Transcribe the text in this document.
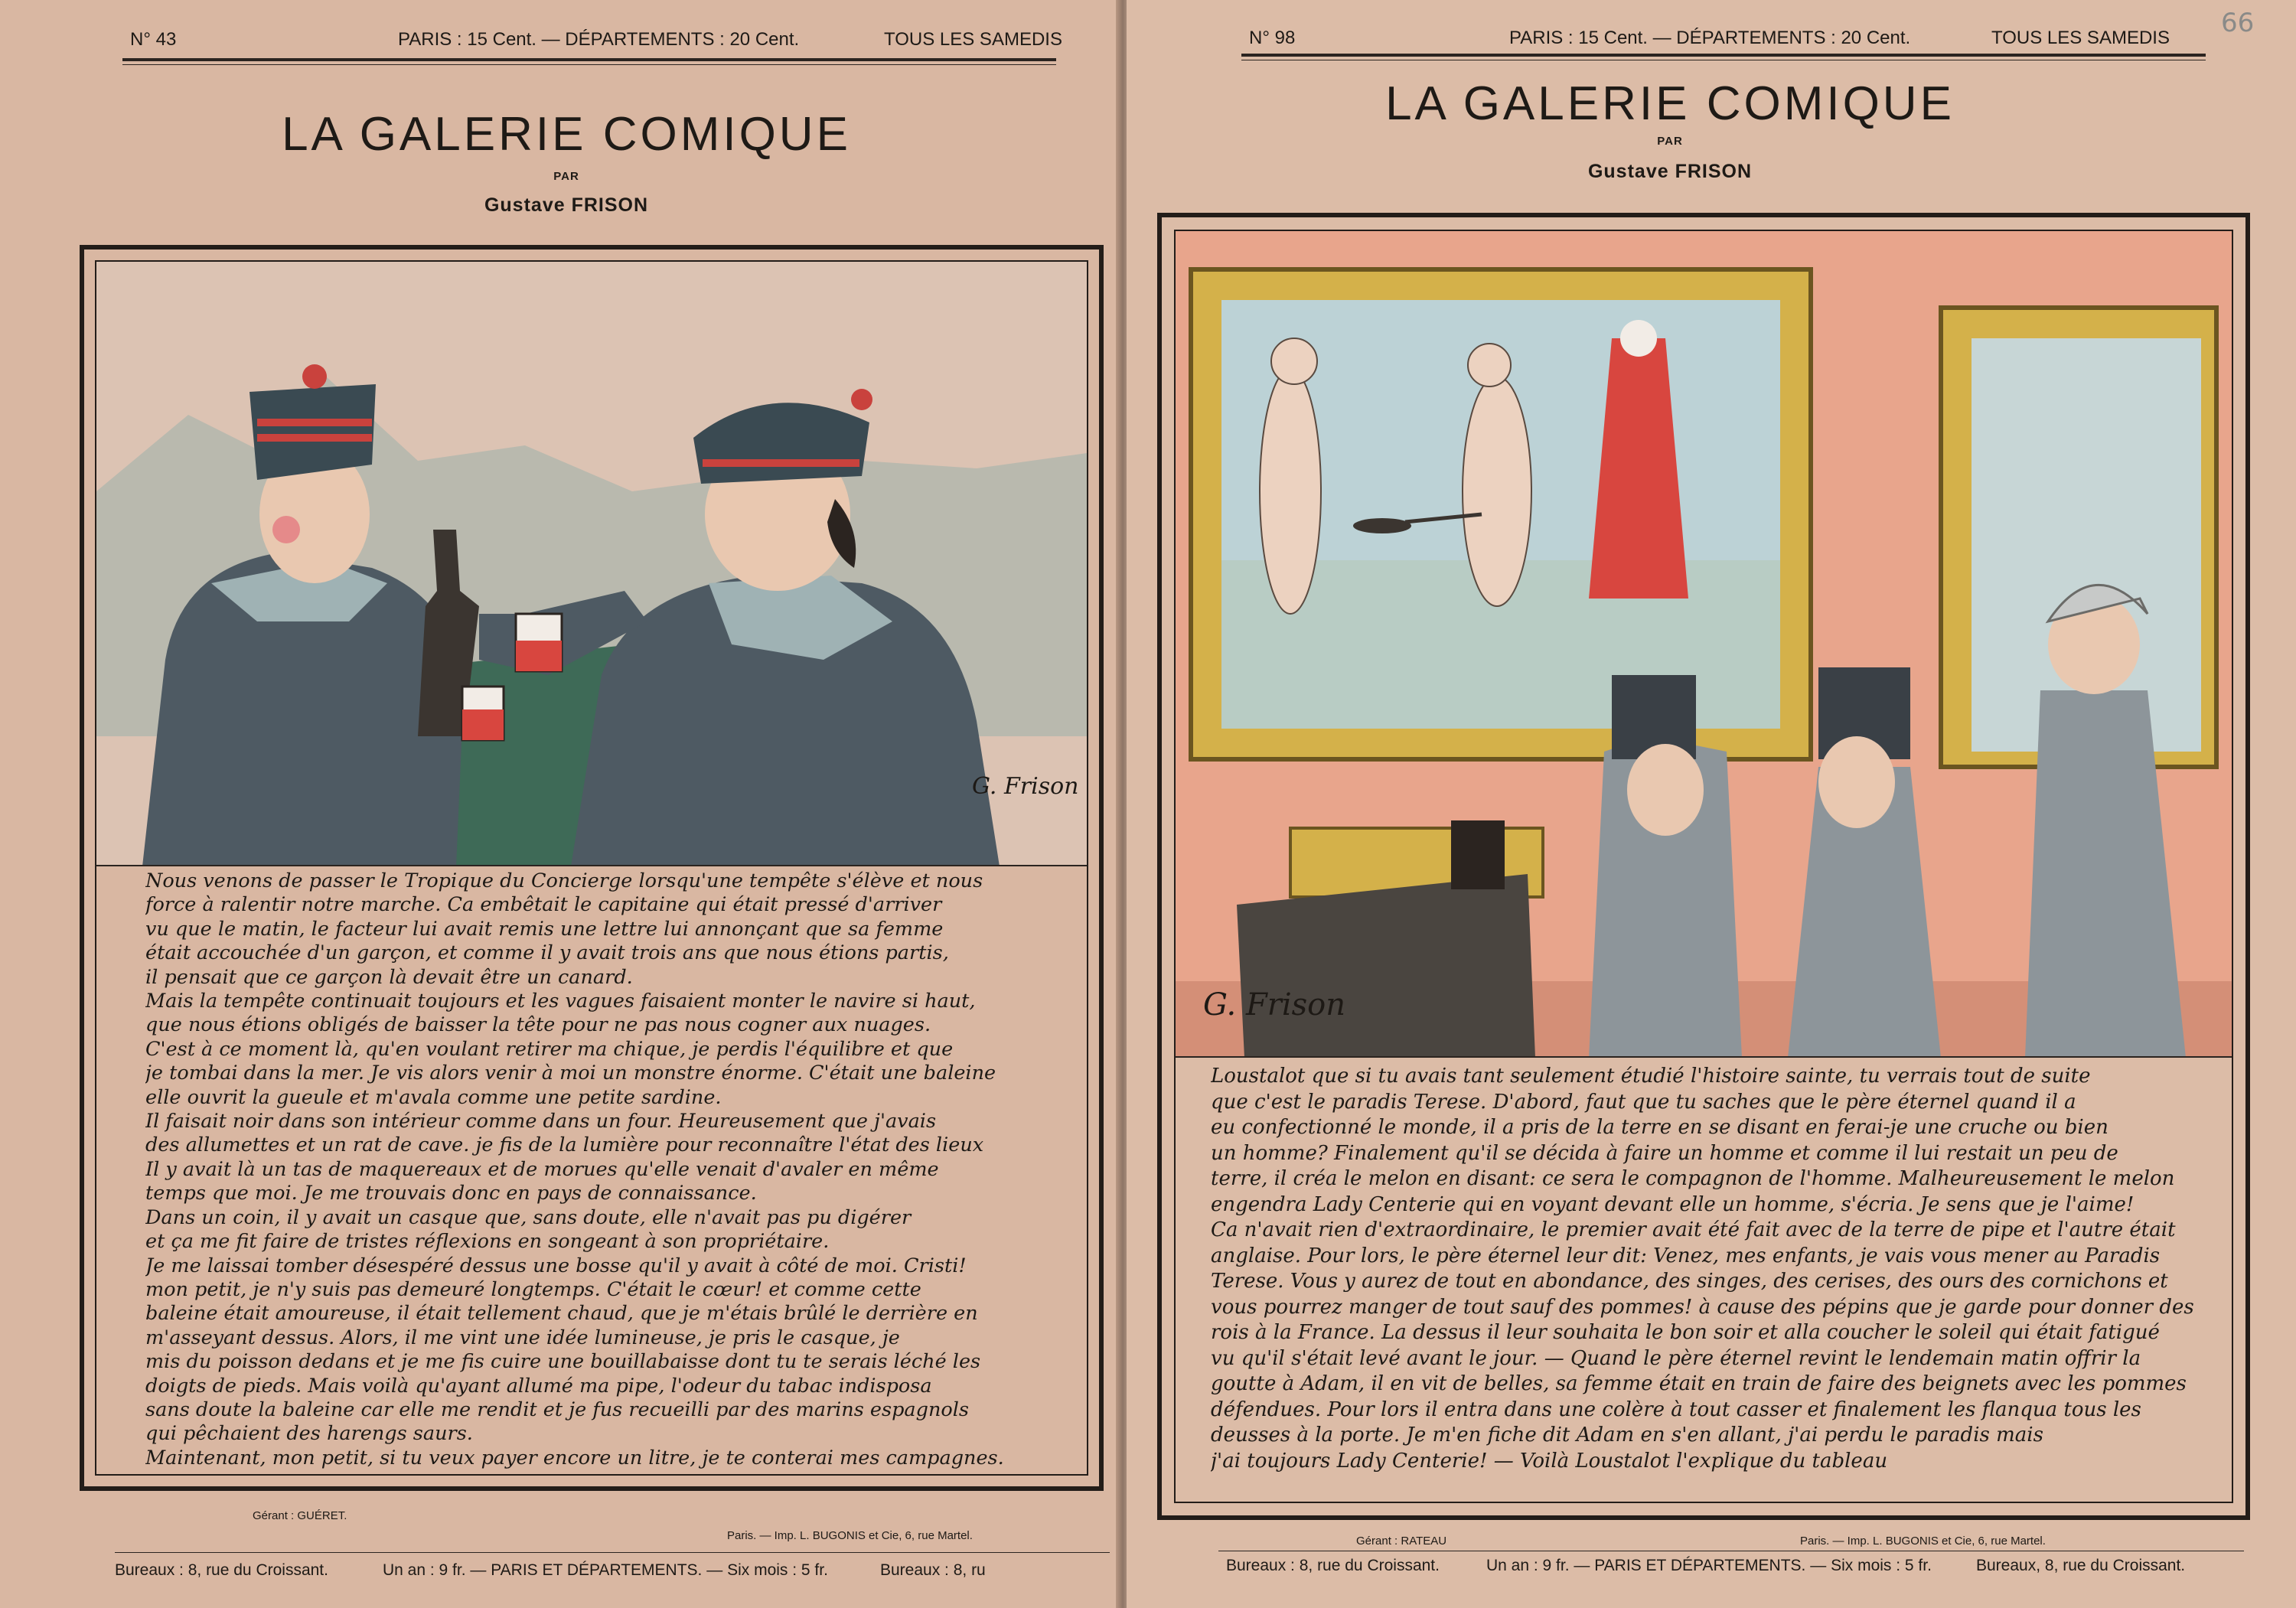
N° 43	PARIS : 15 Cent. — DÉPARTEMENTS : 20 Cent.	TOUS LES SAMEDIS
LA GALERIE COMIQUE
PAR
Gustave FRISON
G. Frison
Nous venons de passer le Tropique du Concierge lorsqu'une tempête s'élève et nous
force à ralentir notre marche. Ca embêtait le capitaine qui était pressé d'arriver
vu que le matin, le facteur lui avait remis une lettre lui annonçant que sa femme
était accouchée d'un garçon, et comme il y avait trois ans que nous étions partis,
il pensait que ce garçon là devait être un canard.
Mais la tempête continuait toujours et les vagues faisaient monter le navire si haut,
que nous étions obligés de baisser la tête pour ne pas nous cogner aux nuages.
C'est à ce moment là, qu'en voulant retirer ma chique, je perdis l'équilibre et que
je tombai dans la mer. Je vis alors venir à moi un monstre énorme. C'était une baleine
elle ouvrit la gueule et m'avala comme une petite sardine.
Il faisait noir dans son intérieur comme dans un four. Heureusement que j'avais
des allumettes et un rat de cave. je fis de la lumière pour reconnaître l'état des lieux
Il y avait là un tas de maquereaux et de morues qu'elle venait d'avaler en même
temps que moi. Je me trouvais donc en pays de connaissance.
Dans un coin, il y avait un casque que, sans doute, elle n'avait pas pu digérer
et ça me fit faire de tristes réflexions en songeant à son propriétaire.
Je me laissai tomber désespéré dessus une bosse qu'il y avait à côté de moi. Cristi!
mon petit, je n'y suis pas demeuré longtemps. C'était le cœur! et comme cette
baleine était amoureuse, il était tellement chaud, que je m'étais brûlé le derrière en
m'asseyant dessus. Alors, il me vint une idée lumineuse, je pris le casque, je
mis du poisson dedans et je me fis cuire une bouillabaisse dont tu te serais léché les
doigts de pieds. Mais voilà qu'ayant allumé ma pipe, l'odeur du tabac indisposa
sans doute la baleine car elle me rendit et je fus recueilli par des marins espagnols
qui pêchaient des harengs saurs.
Maintenant, mon petit, si tu veux payer encore un litre, je te conterai mes campagnes.
Gérant : GUÉRET.
Paris. — Imp. L. BUGONIS et Cie, 6, rue Martel.
Bureaux : 8, rue du Croissant.	Un an : 9 fr. — PARIS ET DÉPARTEMENTS. — Six mois : 5 fr.	Bureaux : 8, ru
N° 98	PARIS : 15 Cent. — DÉPARTEMENTS : 20 Cent.	TOUS LES SAMEDIS 66
LA GALERIE COMIQUE
PAR
Gustave FRISON
G. Frison
Loustalot que si tu avais tant seulement étudié l'histoire sainte, tu verrais tout de suite
que c'est le paradis Terese. D'abord, faut que tu saches que le père éternel quand il a
eu confectionné le monde, il a pris de la terre en se disant en ferai-je une cruche ou bien
un homme? Finalement qu'il se décida à faire un homme et comme il lui restait un peu de
terre, il créa le melon en disant: ce sera le compagnon de l'homme. Malheureusement le melon
engendra Lady Centerie qui en voyant devant elle un homme, s'écria. Je sens que je l'aime!
Ca n'avait rien d'extraordinaire, le premier avait été fait avec de la terre de pipe et l'autre était
anglaise. Pour lors, le père éternel leur dit: Venez, mes enfants, je vais vous mener au Paradis
Terese. Vous y aurez de tout en abondance, des singes, des cerises, des ours des cornichons et
vous pourrez manger de tout sauf des pommes! à cause des pépins que je garde pour donner des
rois à la France. La dessus il leur souhaita le bon soir et alla coucher le soleil qui était fatigué
vu qu'il s'était levé avant le jour. — Quand le père éternel revint le lendemain matin offrir la
goutte à Adam, il en vit de belles, sa femme était en train de faire des beignets avec les pommes
défendues. Pour lors il entra dans une colère à tout casser et finalement les flanqua tous les
deusses à la porte. Je m'en fiche dit Adam en s'en allant, j'ai perdu le paradis mais
j'ai toujours Lady Centerie! — Voilà Loustalot l'explique du tableau
Gérant : RATEAU	Paris. — Imp. L. BUGONIS et Cie, 6, rue Martel.
Bureaux : 8, rue du Croissant.	Un an : 9 fr. — PARIS ET DÉPARTEMENTS. — Six mois : 5 fr.	Bureaux, 8, rue du Croissant.
